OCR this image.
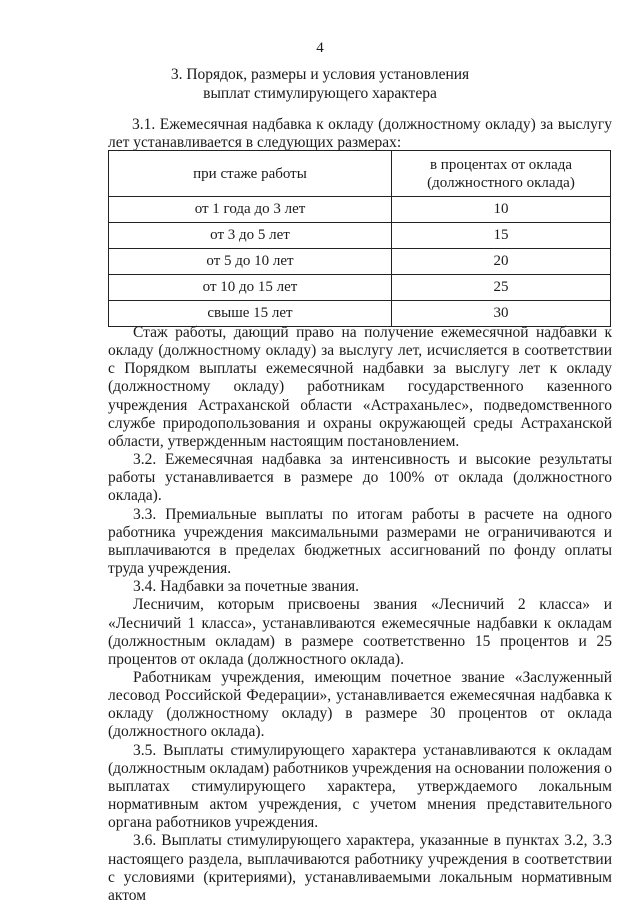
4
3. Порядок, размеры и условия установления
выплат стимулирующего характера
3.1. Ежемесячная надбавка к окладу (должностному окладу) за выслугу лет устанавливается в следующих размерах:
при стаже работы	в процентах от оклада
(должностного оклада)

от 1 года до 3 лет	10
от 3 до 5 лет	15
от 5 до 10 лет	20
от 10 до 15 лет	25
свыше 15 лет	30

Стаж работы, дающий право на получение ежемесячной надбавки к окладу (должностному окладу) за выслугу лет, исчисляется в соответствии с Порядком выплаты ежемесячной надбавки за выслугу лет к окладу (должностному окладу) работникам государственного казенного учреждения Астраханской области «Астраханьлес», подведомственного службе природопользования и охраны окружающей среды Астраханской области, утвержденным настоящим постановлением.

3.2. Ежемесячная надбавка за интенсивность и высокие результаты работы устанавливается в размере до 100% от оклада (должностного оклада).

3.3. Премиальные выплаты по итогам работы в расчете на одного работника учреждения максимальными размерами не ограничиваются и выплачиваются в пределах бюджетных ассигнований по фонду оплаты труда учреждения.

3.4. Надбавки за почетные звания.

Лесничим, которым присвоены звания «Лесничий 2 класса» и «Лесничий 1 класса», устанавливаются ежемесячные надбавки к окладам (должностным окладам) в размере соответственно 15 процентов и 25 процентов от оклада (должностного оклада).

Работникам учреждения, имеющим почетное звание «Заслуженный лесовод Российской Федерации», устанавливается ежемесячная надбавка к окладу (должностному окладу) в размере 30 процентов от оклада (должностного оклада).

3.5. Выплаты стимулирующего характера устанавливаются к окладам (должностным окладам) работников учреждения на основании положения о выплатах стимулирующего характера, утверждаемого локальным нормативным актом учреждения, с учетом мнения представительного органа работников учреждения.

3.6. Выплаты стимулирующего характера, указанные в пунктах 3.2, 3.3 настоящего раздела, выплачиваются работнику учреждения в соответствии с условиями (критериями), устанавливаемыми локальным нормативным актом
